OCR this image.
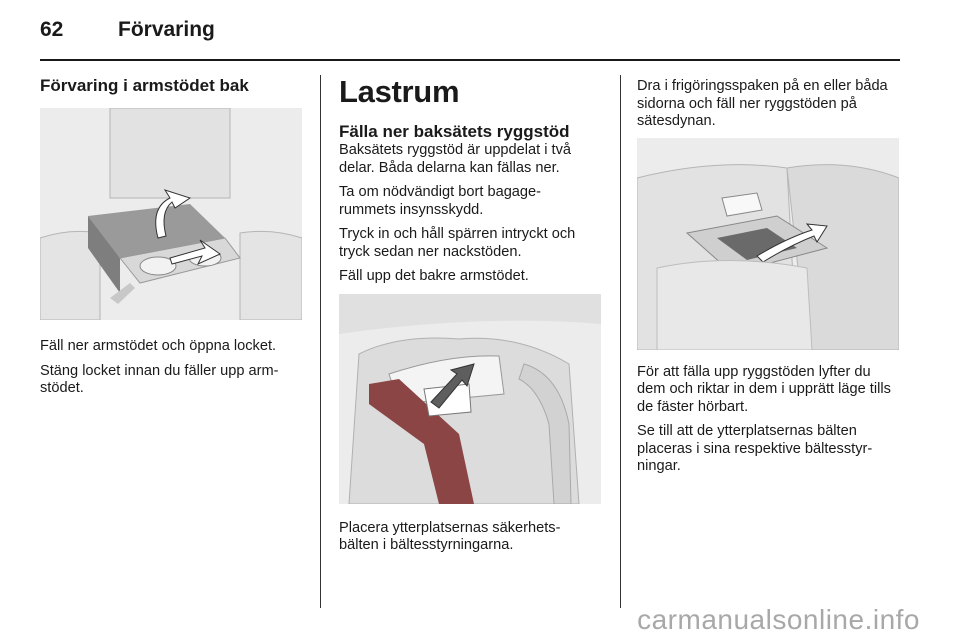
62	Förvaring
Förvaring i armstödet bak

Fäll ner armstödet och öppna locket.

Stäng locket innan du fäller upp arm-
stödet.

Lastrum
Fälla ner baksätets ryggstöd

Baksätets ryggstöd är uppdelat i två delar. Båda delarna kan fällas ner.

Ta om nödvändigt bort bagage-
rummets insynsskydd.

Tryck in och håll spärren intryckt och tryck sedan ner nackstöden.

Fäll upp det bakre armstödet.

Placera ytterplatsernas säkerhets-
bälten i bältesstyrningarna.

Dra i frigöringsspaken på en eller båda sidorna och fäll ner ryggstöden på sätesdynan.

För att fälla upp ryggstöden lyfter du dem och riktar in dem i upprätt läge tills de fäster hörbart.

Se till att de ytterplatsernas bälten placeras i sina respektive bältesstyr-
ningar.

carmanualsonline.info
